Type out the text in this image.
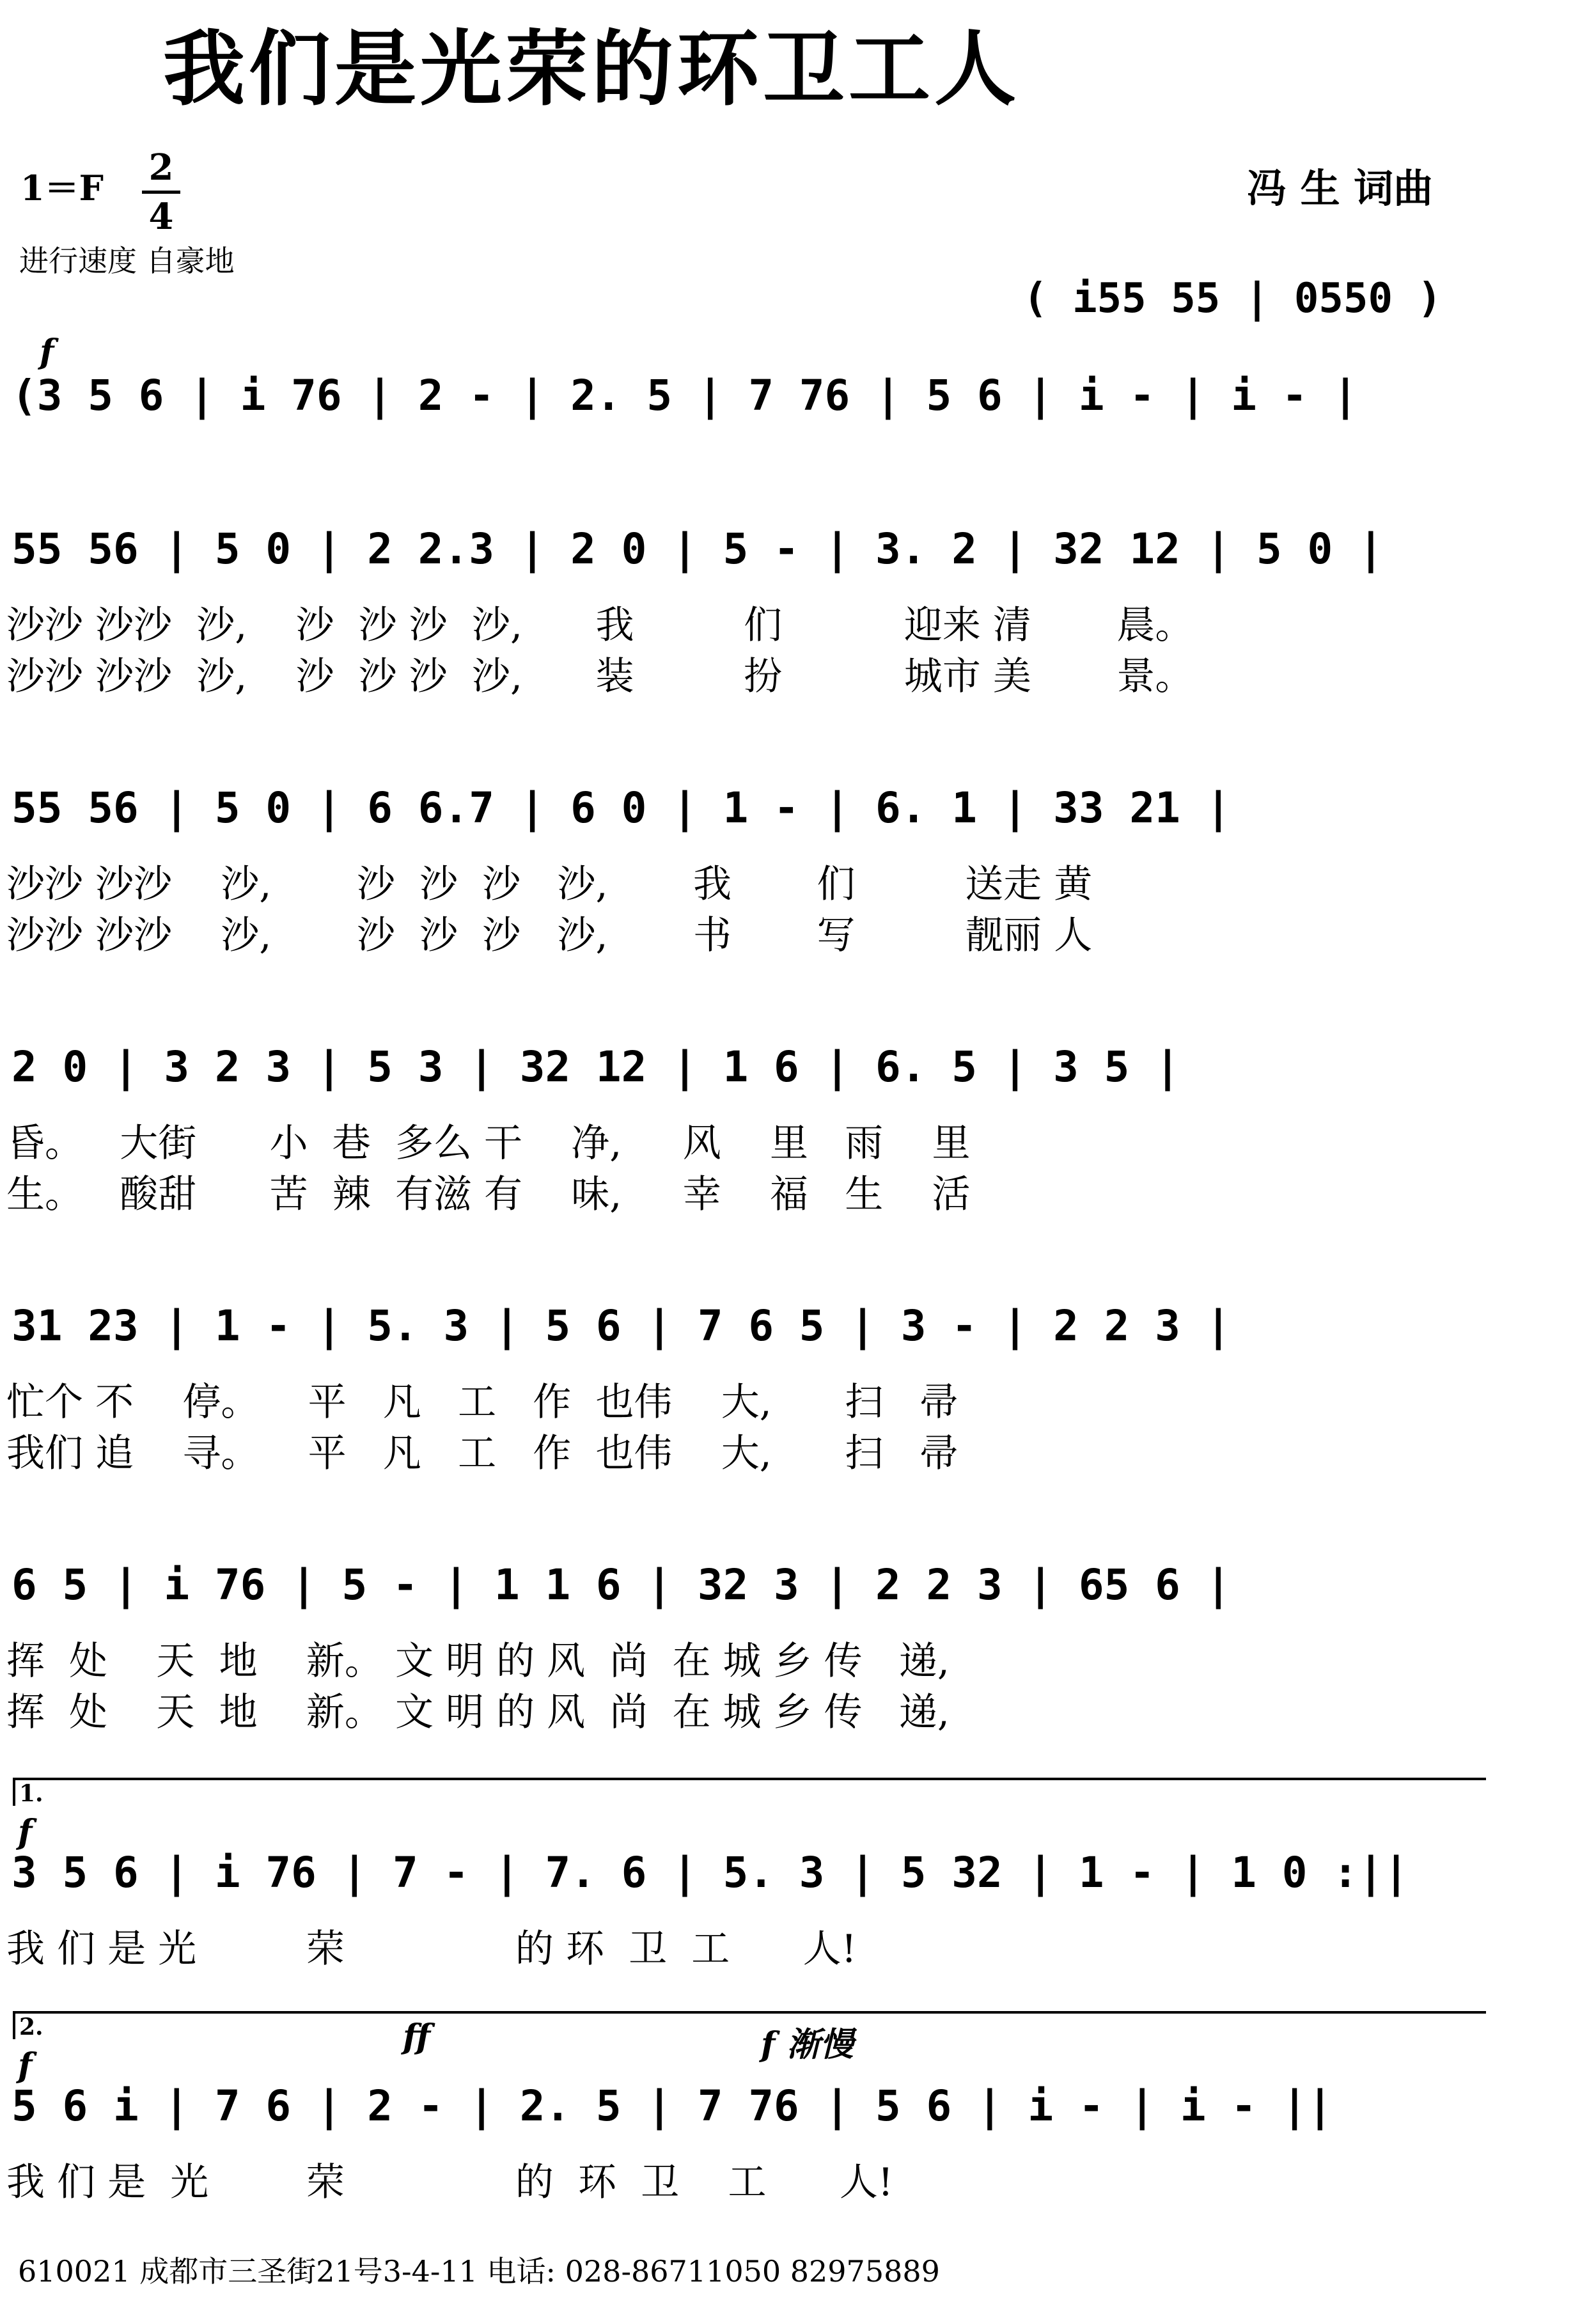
我们是光荣的环卫工人
$1=F \frac{2}{4}$
进行速度 自豪地
冯 生 词曲
( i55 55 | 0550 )
f
(3 5 6 | i 76 | 2 - | 2. 5 | 7 76 | 5 6 | i - | i - |
55 56 | 5 0 | 2 2.3 | 2 0 | 5 - | 3. 2 | 32 12 | 5 0 |
沙沙 沙沙  沙,    沙  沙 沙  沙,      我         们          迎来 清       晨。
沙沙 沙沙  沙,    沙  沙 沙  沙,      装         扮          城市 美       景。
55 56 | 5 0 | 6 6.7 | 6 0 | 1 - | 6. 1 | 33 21 |
沙沙 沙沙    沙,       沙  沙  沙   沙,       我       们         送走 黄
沙沙 沙沙    沙,       沙  沙  沙   沙,       书       写         靓丽 人
2 0 | 3 2 3 | 5 3 | 32 12 | 1 6 | 6. 5 | 3 5 |
昏。   大街      小  巷  多么 干    净,     风    里   雨    里
生。   酸甜      苦  辣  有滋 有    味,     幸    福   生    活
31 23 | 1 - | 5. 3 | 5 6 | 7 6 5 | 3 - | 2 2 3 |
忙个 不    停。    平   凡   工   作  也伟    大,      扫   帚
我们 追    寻。    平   凡   工   作  也伟    大,      扫   帚
6 5 | i 76 | 5 - | 1 1 6 | 32 3 | 2 2 3 | 65 6 |
挥  处    天  地    新。 文 明 的 风  尚  在 城 乡 传   递,
挥  处    天  地    新。 文 明 的 风  尚  在 城 乡 传   递,
1.
f
3 5 6 | i 76 | 7 - | 7. 6 | 5. 3 | 5 32 | 1 - | 1 0 :||
我 们 是 光         荣              的 环  卫  工      人!
2.
f
ff	f 渐慢
5 6 i | 7 6 | 2 - | 2. 5 | 7 76 | 5 6 | i - | i - ||
我 们 是  光        荣              的  环  卫    工      人!
610021 成都市三圣街21号3-4-11 电话: 028-86711050 82975889
